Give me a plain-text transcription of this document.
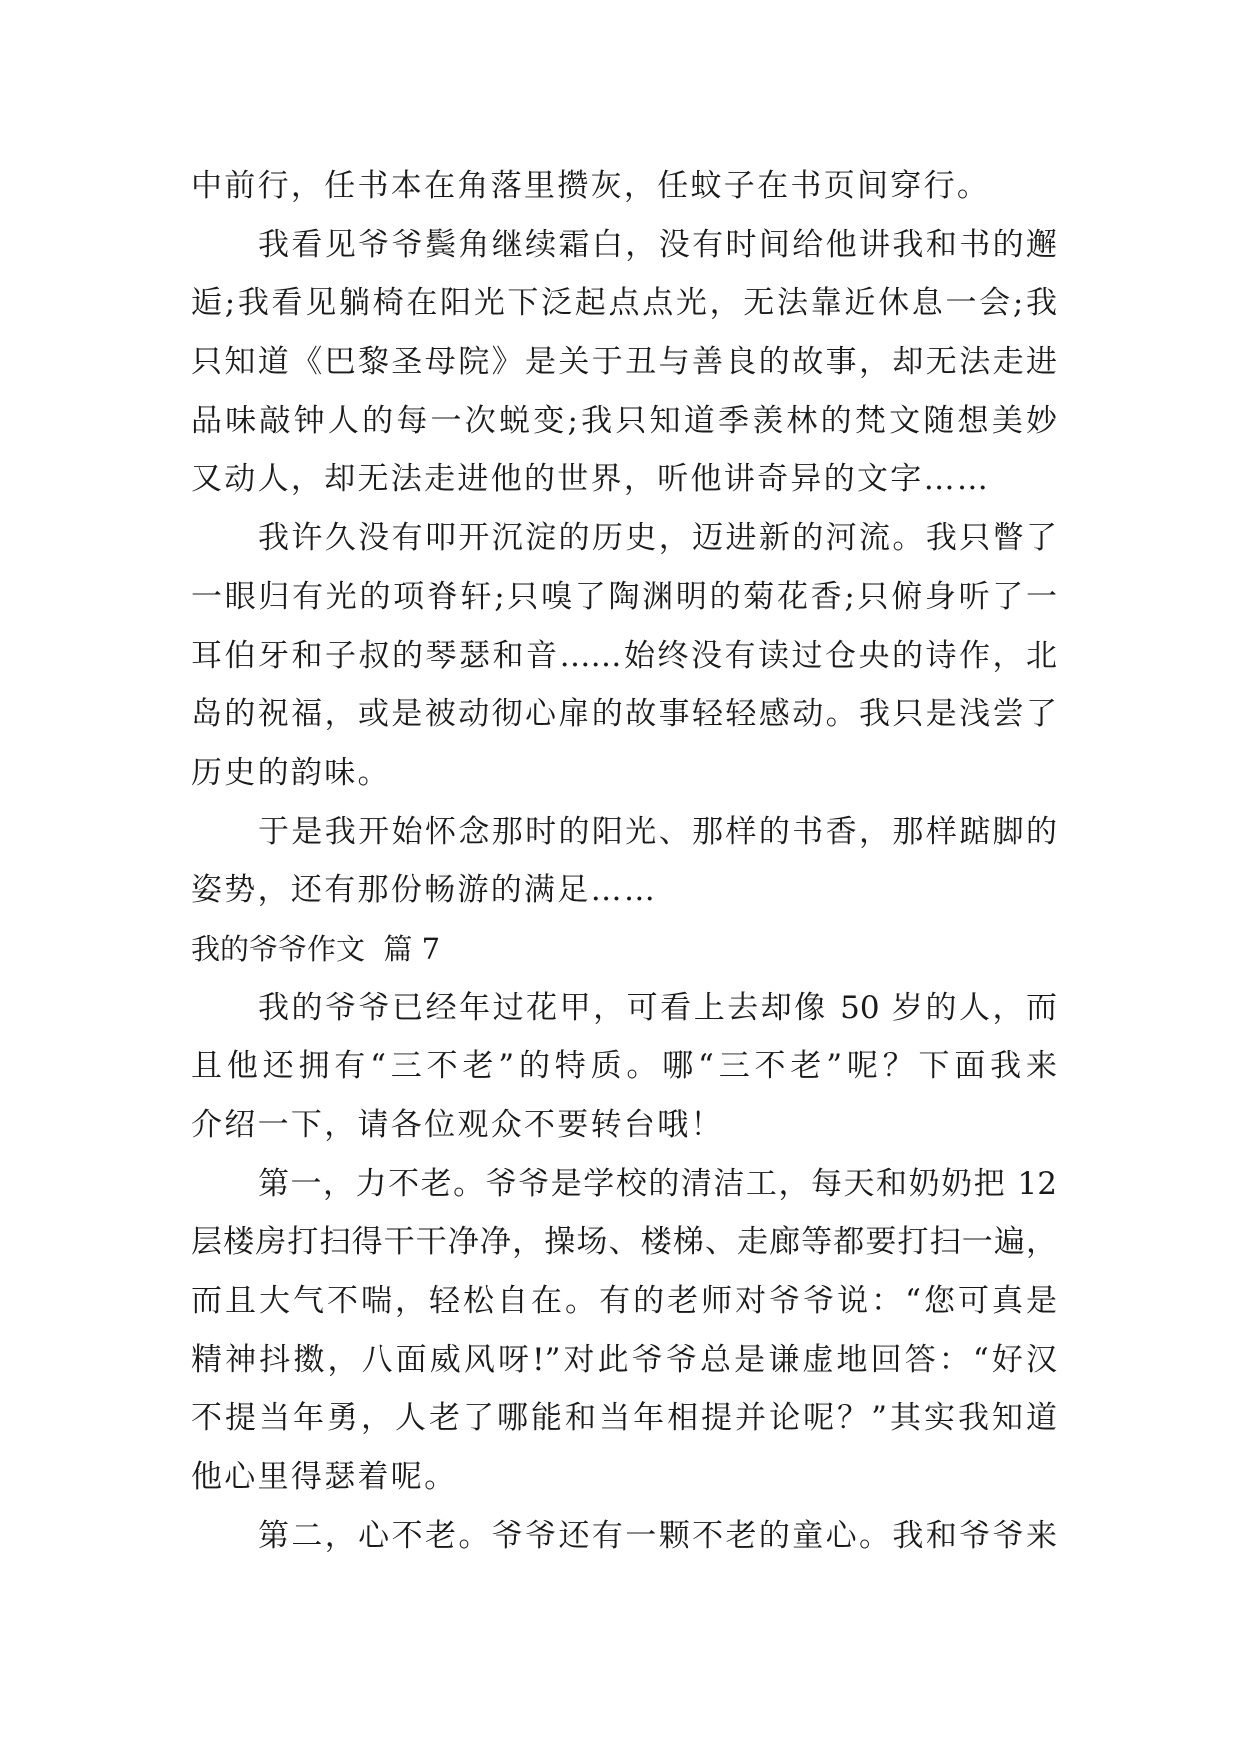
中前行，任书本在角落里攒灰，任蚊子在书页间穿行。
我看见爷爷鬓角继续霜白，没有时间给他讲我和书的邂
逅;我看见躺椅在阳光下泛起点点光，无法靠近休息一会;我
只知道《巴黎圣母院》是关于丑与善良的故事，却无法走进
品味敲钟人的每一次蜕变;我只知道季羡林的梵文随想美妙
又动人，却无法走进他的世界，听他讲奇异的文字……
我许久没有叩开沉淀的历史，迈进新的河流。我只瞥了
一眼归有光的项脊轩;只嗅了陶渊明的菊花香;只俯身听了一
耳伯牙和子叔的琴瑟和音……始终没有读过仓央的诗作，北
岛的祝福，或是被动彻心扉的故事轻轻感动。我只是浅尝了
历史的韵味。
于是我开始怀念那时的阳光、那样的书香，那样踮脚的
姿势，还有那份畅游的满足……
我的爷爷作文  篇 7
我的爷爷已经年过花甲，可看上去却像 50 岁的人，而
且他还拥有“三不老”的特质。哪“三不老”呢？下面我来
介绍一下，请各位观众不要转台哦！
第一，力不老。爷爷是学校的清洁工，每天和奶奶把 12
层楼房打扫得干干净净，操场、楼梯、走廊等都要打扫一遍，
而且大气不喘，轻松自在。有的老师对爷爷说：“您可真是
精神抖擞，八面威风呀!”对此爷爷总是谦虚地回答：“好汉
不提当年勇，人老了哪能和当年相提并论呢？”其实我知道
他心里得瑟着呢。
第二，心不老。爷爷还有一颗不老的童心。我和爷爷来
